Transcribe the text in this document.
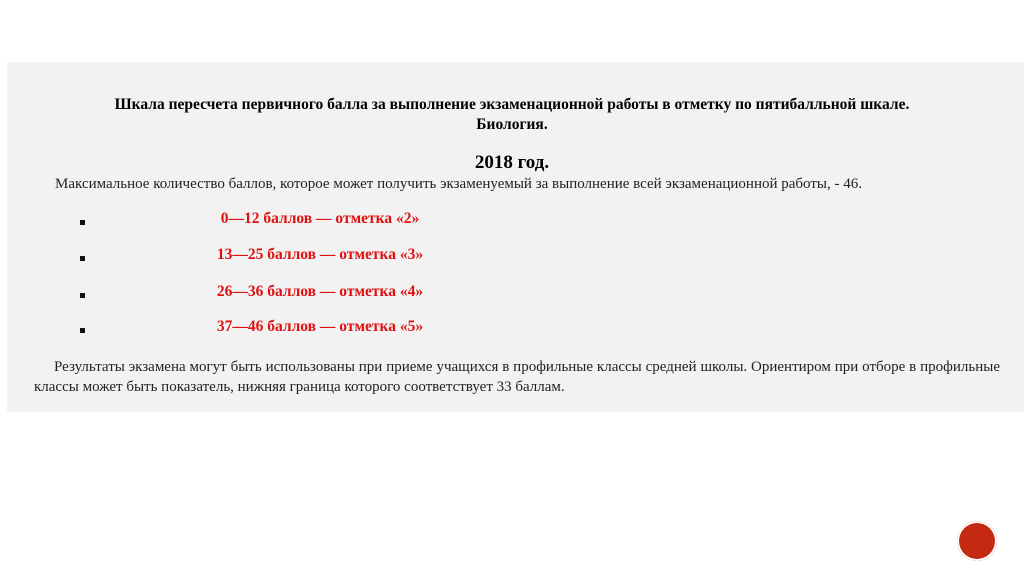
Шкала пересчета первичного балла за выполнение экзаменационной работы в отметку по пятибалльной шкале.
Биология.
2018 год.
Максимальное количество баллов, которое может получить экзаменуемый за выполнение всей экзаменационной работы, - 46.
0—12 баллов — отметка «2»
13—25 баллов — отметка «3»
26—36 баллов — отметка «4»
37—46 баллов — отметка «5»
Результаты экзамена могут быть использованы при приеме учащихся в профильные классы средней школы. Ориентиром при отборе в профильные классы может быть показатель, нижняя граница которого соответствует 33 баллам.
